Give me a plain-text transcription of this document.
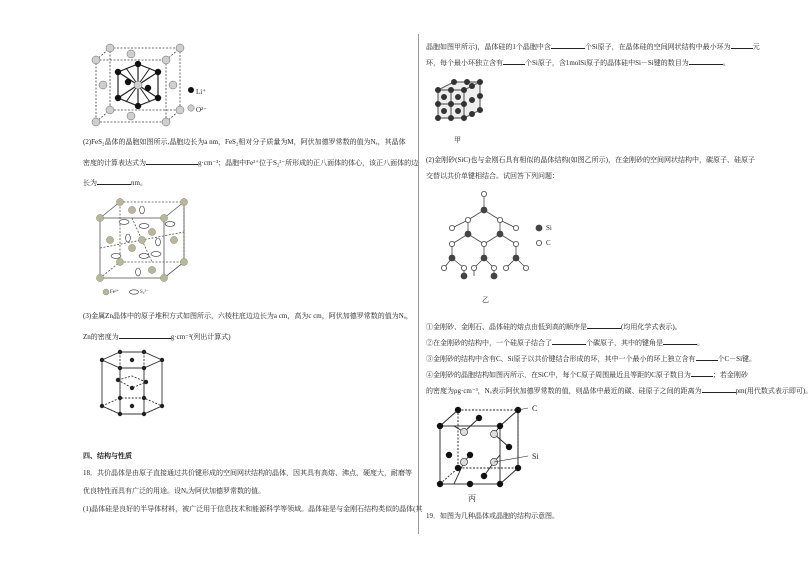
Li⁺
O²⁻
(2)FeS₂晶体的晶胞如图所示,晶胞边长为a nm，FeS₂相对分子质量为M，阿伏加德罗常数的值为Nₐ，其晶体
密度的计算表达式为	g·cm⁻³；晶胞中Fe²⁺位于S₂²⁻所形成的正八面体的体心，该正八面体的边
长为	nm。
Fe²⁺	S₂²⁻
(3)金属Zn晶体中的原子堆积方式如图所示，六棱柱底边边长为a cm，高为c cm，阿伏加德罗常数的值为Nₐ，
Zn的密度为	g·cm⁻³(列出计算式)
四、结构与性质
18．共价晶体是由原子直接通过共价键形成的空间网状结构的晶体，因其具有高熔、沸点，硬度大，耐磨等
优良特性而具有广泛的用途。设Nₐ为阿伏加德罗常数的值。
(1)晶体硅是良好的半导体材料，被广泛用于信息技术和能源科学等领域。晶体硅是与金刚石结构类似的晶体(其
晶胞如图甲所示)，晶体硅的1个晶胞中含	个Si原子，在晶体硅的空间网状结构中最小环为	元
环，每个最小环独立含有	个Si原子，含1molSi原子的晶体硅中Si－Si键的数目为	。
甲
(2)金刚砂(SiC)也与金刚石具有相似的晶体结构(如图乙所示)，在金刚砂的空间网状结构中，碳原子、硅原子
交替以共价单键相结合。试回答下列问题：
Si
C
乙
①金刚砂、金刚石、晶体硅的熔点由低到高的顺序是	(均用化学式表示)。
②在金刚砂的结构中，一个硅原子结合了	个碳原子，其中的键角是	。
③金刚砂的结构中含有C、Si原子以共价键结合形成的环，其中一个最小的环上独立含有	个C－Si键。
④金刚砂的晶胞结构如图丙所示，在SiC中，每个C原子周围最近且等距的C原子数目为	；若金刚砂
的密度为ρg·cm⁻³，Nₐ表示阿伏加德罗常数的值，则晶体中最近的碳、硅原子之间的距离为	pm(用代数式表示即可)。
C
Si
丙
19．如图为几种晶体或晶胞的结构示意图。
